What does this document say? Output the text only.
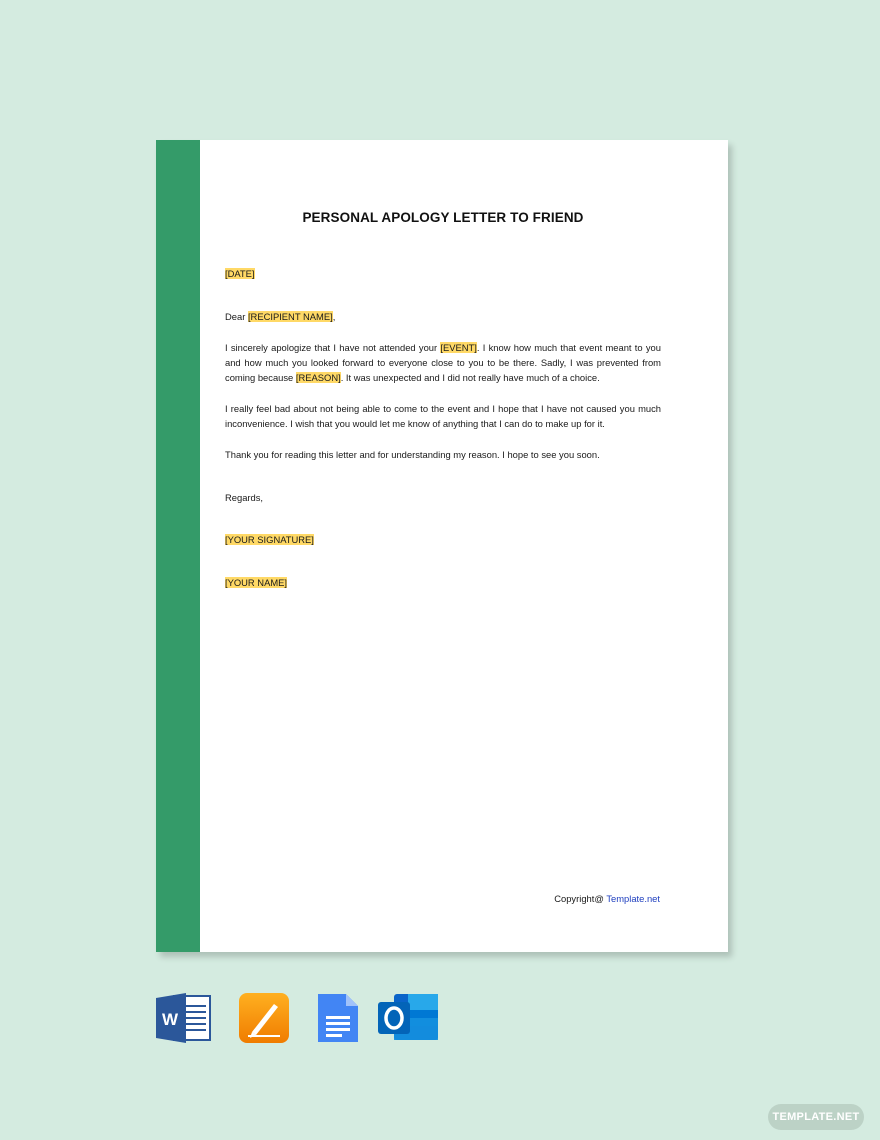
PERSONAL APOLOGY LETTER TO FRIEND

[DATE]

Dear [RECIPIENT NAME],

I sincerely apologize that I have not attended your [EVENT]. I know how much that event meant to you and how much you looked forward to everyone close to you to be there. Sadly, I was prevented from coming because [REASON]. It was unexpected and I did not really have much of a choice.

I really feel bad about not being able to come to the event and I hope that I have not caused you much inconvenience. I wish that you would let me know of anything that I can do to make up for it.

Thank you for reading this letter and for understanding my reason. I hope to see you soon.

Regards,

[YOUR SIGNATURE]

[YOUR NAME]

Copyright@ Template.net
W
TEMPLATE.NET
